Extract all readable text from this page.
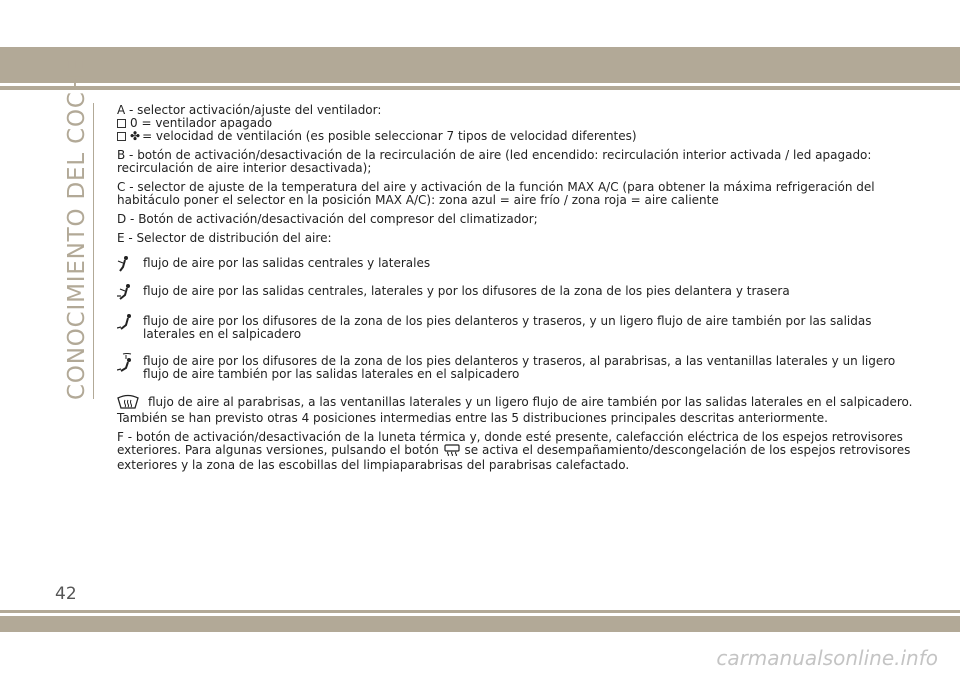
CONOCIMIENTO DEL COCHE A - selector activación/ajuste del ventilador:

0 = ventilador apagado
✤ = velocidad de ventilación (es posible seleccionar 7 tipos de velocidad diferentes)

B - botón de activación/desactivación de la recirculación de aire (led encendido: recirculación interior activada / led apagado: recirculación de aire interior desactivada);

C - selector de ajuste de la temperatura del aire y activación de la función MAX A/C (para obtener la máxima refrigeración del habitáculo poner el selector en la posición MAX A/C): zona azul = aire frío / zona roja = aire caliente

D - Botón de activación/desactivación del compresor del climatizador;

E - Selector de distribución del aire:

flujo de aire por las salidas centrales y laterales
flujo de aire por las salidas centrales, laterales y por los difusores de la zona de los pies delantera y trasera
flujo de aire por los difusores de la zona de los pies delanteros y traseros, y un ligero flujo de aire también por las salidas laterales en el salpicadero
flujo de aire por los difusores de la zona de los pies delanteros y traseros, al parabrisas, a las ventanillas laterales y un ligero flujo de aire también por las salidas laterales en el salpicadero
flujo de aire al parabrisas, a las ventanillas laterales y un ligero flujo de aire también por las salidas laterales en el salpicadero.

También se han previsto otras 4 posiciones intermedias entre las 5 distribuciones principales descritas anteriormente.

F - botón de activación/desactivación de la luneta térmica y, donde esté presente, calefacción eléctrica de los espejos retrovisores exteriores. Para algunas versiones, pulsando el botón se activa el desempañamiento/descongelación de los espejos retrovisores exteriores y la zona de las escobillas del limpiaparabrisas del parabrisas calefactado.

42
carmanualsonline.info
